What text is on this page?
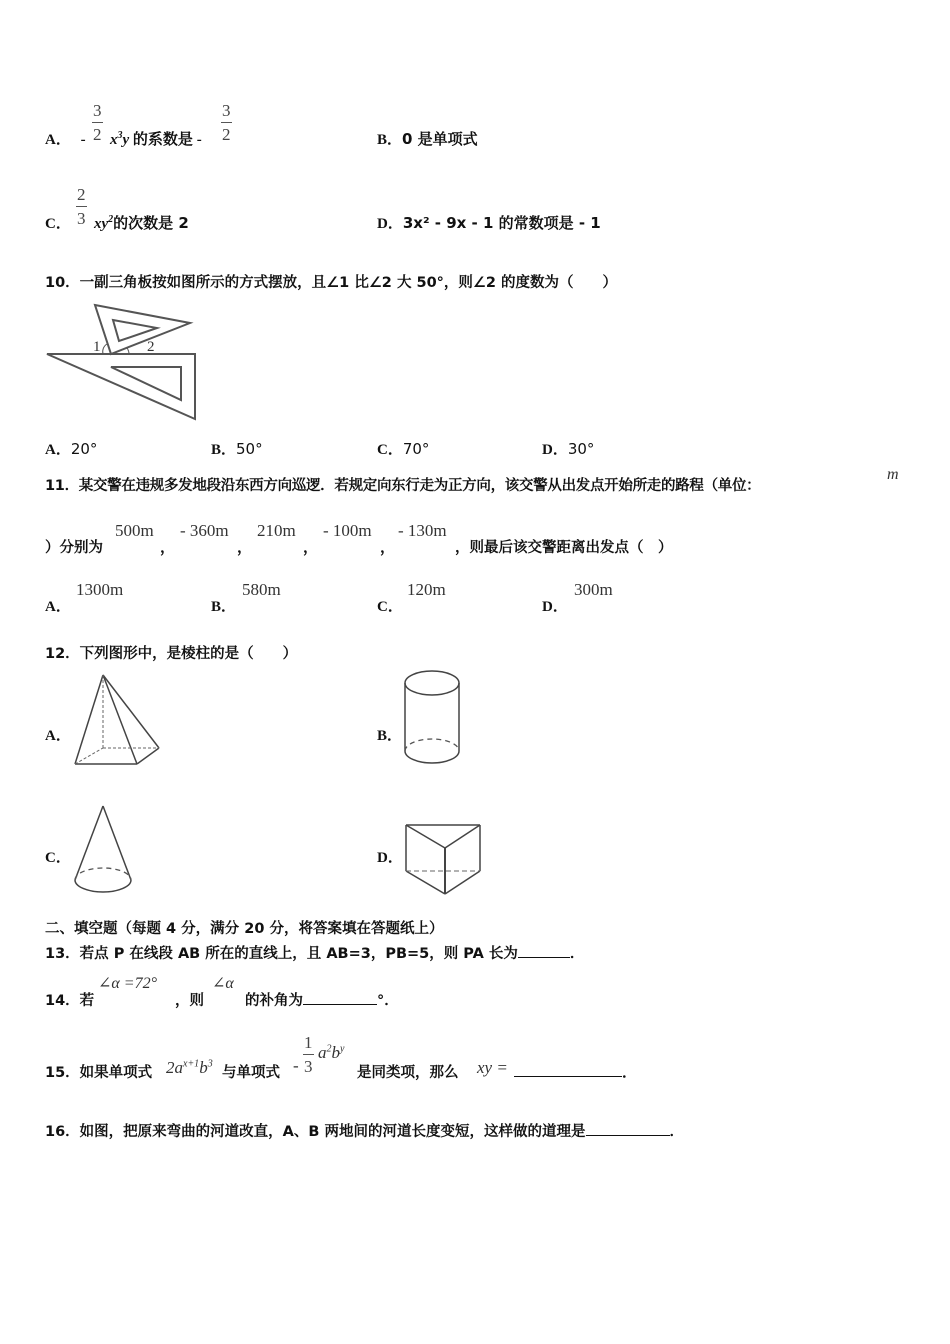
A． - $\frac{3}{2} x^3y$ 的系数是 - $\frac{3}{2}$	B．0 是单项式
C． $\frac{2}{3} xy^2$的次数是 2	D．3x² - 9x - 1 的常数项是 - 1
10．一副三角板按如图所示的方式摆放，且∠1 比∠2 大 50°，则∠2 的度数为（　　）
1	2
A．20°	B．50°	C．70°	D．30°
11．某交警在违规多发地段沿东西方向巡逻．若规定向东行走为正方向，该交警从出发点开始所走的路程（单位：
m
）分别为
500m
，
- 360m
，
210m
，
- 100m
，
- 130m
，则最后该交警距离出发点（　）
A．
1300m
B．
580m
C．
120m
D．
300m
12．下列图形中，是棱柱的是（　　）
A．	B．
C．	D．
二、填空题（每题 4 分，满分 20 分，将答案填在答题纸上）
13．若点 P 在线段 AB 所在的直线上，且 AB=3，PB=5，则 PA 长为	．
14．若
∠α =72°
，则
∠α
的补角为	°．
15．如果单项式 $2a^{x+1}b^3$
与单项式 - $\frac{1}{3} a^2b^y$
是同类项，那么 xy =	．
16．如图，把原来弯曲的河道改直，A、B 两地间的河道长度变短，这样做的道理是	．
